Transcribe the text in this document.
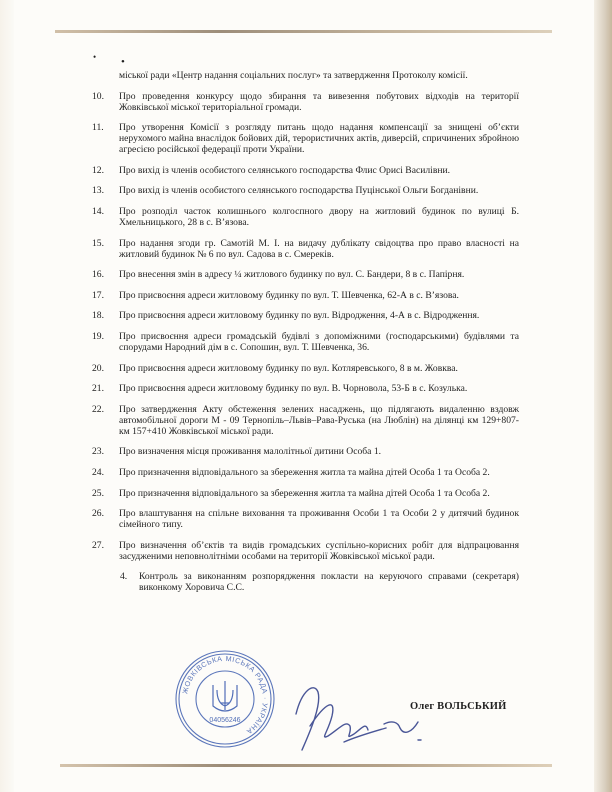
• •

міської ради «Центр надання соціальних послуг» та затвердження Протоколу комісії.

10.	Про проведення конкурсу щодо збирання та вивезення побутових відходів на території Жовківської міської територіальної громади.
11.	Про утворення Комісії з розгляду питань щодо надання компенсації за знищені об’єкти нерухомого майна внаслідок бойових дій, терористичних актів, диверсій, спричинених збройною агресією російської федерації проти України.
12.	Про вихід із членів особистого селянського господарства Флис Орисі Василівни.
13.	Про вихід із членів особистого селянського господарства Пуцінської Ольги Богданівни.
14.	Про розподіл часток колишнього колгоспного двору на житловий будинок по вулиці Б. Хмельницького, 28 в с. В’язова.
15.	Про надання згоди гр. Самотій М. І. на видачу дублікату свідоцтва про право власності на житловий будинок № 6 по вул. Садова в с. Смереків.
16.	Про внесення змін в адресу ¼ житлового будинку по вул. С. Бандери, 8 в с. Папірня.
17.	Про присвоєння адреси житловому будинку по вул. Т. Шевченка, 62-А в с. В’язова.
18.	Про присвоєння адреси житловому будинку по вул. Відродження, 4-А в с. Відродження.
19.	Про присвоєння адреси громадській будівлі з допоміжними (господарськими) будівлями та спорудами Народний дім в с. Сопошин, вул. Т. Шевченка, 36.
20.	Про присвоєння адреси житловому будинку по вул. Котляревського, 8 в м. Жовква.
21.	Про присвоєння адреси житловому будинку по вул. В. Чорновола, 53-Б в с. Козулька.
22.	Про затвердження Акту обстеження зелених насаджень, що підлягають видаленню вздовж автомобільної дороги М - 09 Тернопіль–Львів–Рава-Руська (на Люблін) на ділянці км 129+807-км 157+410 Жовківської міської ради.
23.	Про визначення місця проживання малолітньої дитини Особа 1.
24.	Про призначення відповідального за збереження житла та майна дітей Особа 1 та Особа 2.
25.	Про призначення відповідального за збереження житла та майна дітей Особа 1 та Особа 2.
26.	Про влаштування на спільне виховання та проживання Особи 1 та Особи 2 у дитячий будинок сімейного типу.
27.	Про визначення об’єктів та видів громадських суспільно-корисних робіт для відпрацювання засудженими неповнолітніми особами на території Жовківської міської ради.
4.	Контроль за виконанням розпорядження покласти на керуючого справами (секретаря) виконкому Хоровича С.С.
ЖОВКІВСЬКА МІСЬКА РАДА · УКРАЇНА
04056246
Олег ВОЛЬСЬКИЙ
